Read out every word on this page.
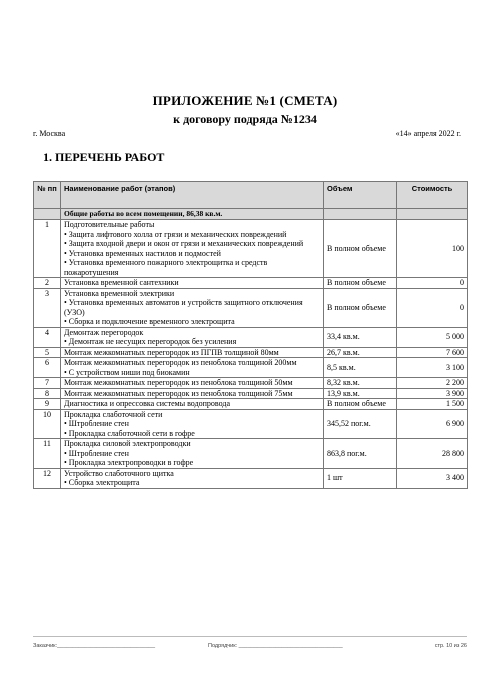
ПРИЛОЖЕНИЕ №1 (СМЕТА)
к договору подряда №1234
г. Москва	«14» апреля 2022 г.
1. ПЕРЕЧЕНЬ РАБОТ
№ пп	Наименование работ (этапов)	Объем	Стоимость
	Общие работы во всем помещении, 86,38 кв.м.		
1	Подготовительные работы
• Защита лифтового холла от грязи и механических повреждений
• Защита входной двери и окон от грязи и механических повреждений
• Установка временных настилов и подмостей
• Установка временного пожарного электрощитка и средств пожаротушения	В полном объеме	100
2	Установка временной сантехники	В полном объеме	0
3	Установка временной электрики
• Установка временных автоматов и устройств защитного отключения (УЗО)
• Сборка и подключение временного электрощита	В полном объеме	0
4	Демонтаж перегородок
• Демонтаж не несущих перегородок без усиления	33,4 кв.м.	5 000
5	Монтаж межкомнатных перегородок из ПГПВ толщиной 80мм	26,7 кв.м.	7 600
6	Монтаж межкомнатных перегородок из пеноблока толщиной 200мм
• С устройством ниши под биокамин	8,5 кв.м.	3 100
7	Монтаж межкомнатных перегородок из пеноблока толщиной 50мм	8,32 кв.м.	2 200
8	Монтаж межкомнатных перегородок из пеноблока толщиной 75мм	13,9 кв.м.	3 900
9	Диагностика и опрессовка системы водопровода	В полном объеме	1 500
10	Прокладка слаботочной сети
• Штробление стен
• Прокладка слаботочной сети в гофре	345,52 пог.м.	6 900
11	Прокладка силовой электропроводки
• Штробление стен
• Прокладка электропроводки в гофре	863,8 пог.м.	28 800
12	Устройство слаботочного щитка
• Сборка электрощита	1 шт	3 400
Заказчик:________________________________	Подрядчик: __________________________________	стр. 10 из 26
